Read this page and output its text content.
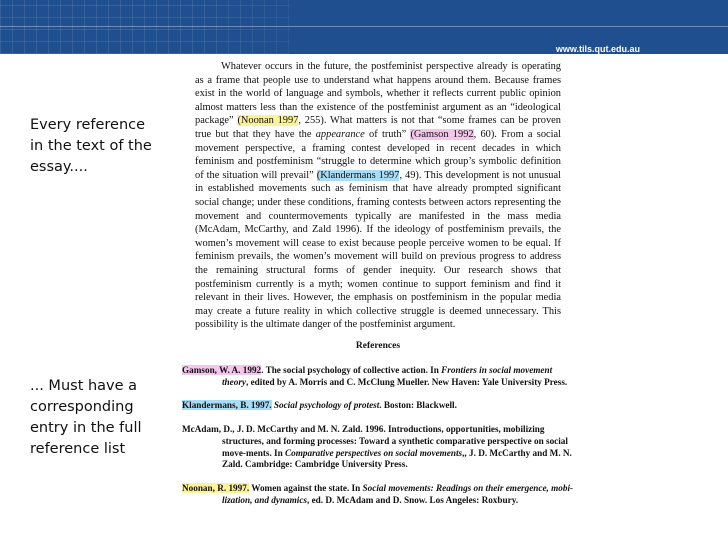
www.tils.qut.edu.au
Every reference in the text of the essay....
... Must have a corresponding entry in the full reference list
Whatever occurs in the future, the postfeminist perspective already is operating as a frame that people use to understand what happens around them. Because frames exist in the world of language and symbols, whether it reflects current public opinion almost matters less than the existence of the postfeminist argument as an “ideological package” (Noonan 1997, 255). What matters is not that “some frames can be proven true but that they have the appearance of truth” (Gamson 1992, 60). From a social movement perspective, a framing contest developed in recent decades in which feminism and postfeminism “struggle to determine which group’s symbolic definition of the situation will prevail” (Klandermans 1997, 49). This development is not unusual in established movements such as feminism that have already prompted significant social change; under these conditions, framing contests between actors representing the movement and countermovements typically are manifested in the mass media (McAdam, McCarthy, and Zald 1996). If the ideology of postfeminism prevails, the women’s movement will cease to exist because people perceive women to be equal. If feminism prevails, the women’s movement will build on previous progress to address the remaining structural forms of gender inequity. Our research shows that postfeminism currently is a myth; women continue to support feminism and find it relevant in their lives. However, the emphasis on postfeminism in the popular media may create a future reality in which collective struggle is deemed unnecessary. This possibility is the ultimate danger of the postfeminist argument.
References
Gamson, W. A. 1992. The social psychology of collective action. In Frontiers in social movement theory, edited by A. Morris and C. McClung Mueller. New Haven: Yale University Press.
Klandermans, B. 1997. Social psychology of protest. Boston: Blackwell.
McAdam, D., J. D. McCarthy and M. N. Zald. 1996. Introductions, opportunities, mobilizing structures, and forming processes: Toward a synthetic comparative perspective on social move-ments. In Comparative perspectives on social movements,, J. D. McCarthy and M. N. Zald. Cambridge: Cambridge University Press.
Noonan, R. 1997. Women against the state. In Social movements: Readings on their emergence, mobi-lization, and dynamics, ed. D. McAdam and D. Snow. Los Angeles: Roxbury.
